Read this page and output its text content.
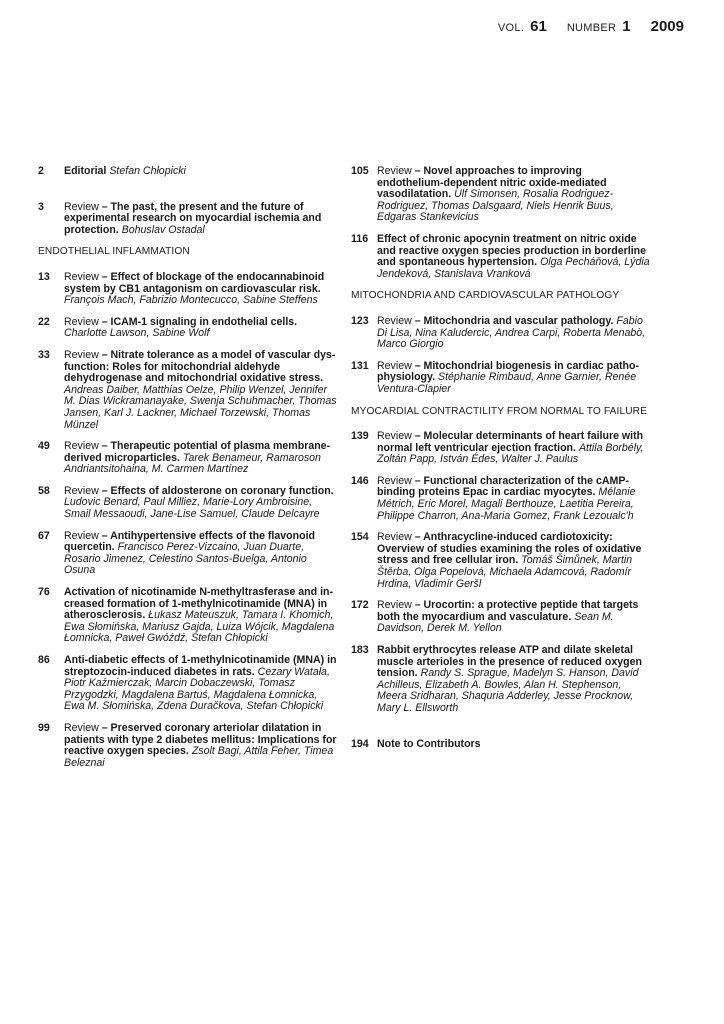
VOL. 61 NUMBER 1 2009
2 Editorial Stefan Chłopicki
3 Review – The past, the present and the future of experimental research on myocardial ischemia and protection. Bohuslav Ostadal
ENDOTHELIAL INFLAMMATION
13 Review – Effect of blockage of the endocannabinoid system by CB1 antagonism on cardiovascular risk. François Mach, Fabrizio Montecucco, Sabine Steffens
22 Review – ICAM-1 signaling in endothelial cells. Charlotte Lawson, Sabine Wolf
33 Review – Nitrate tolerance as a model of vascular dysfunction: Roles for mitochondrial aldehyde dehydrogenase and mitochondrial oxidative stress. Andreas Daiber, Matthias Oelze, Philip Wenzel, Jennifer M. Dias Wickramanayake, Swenja Schuhmacher, Thomas Jansen, Karl J. Lackner, Michael Torzewski, Thomas Münzel
49 Review – Therapeutic potential of plasma membrane-derived microparticles. Tarek Benameur, Ramaroson Andriantsitohaina, M. Carmen Martínez
58 Review – Effects of aldosterone on coronary function. Ludovic Benard, Paul Milliez, Marie-Lory Ambroisine, Smail Messaoudi, Jane-Lise Samuel, Claude Delcayre
67 Review – Antihypertensive effects of the flavonoid quercetin. Francisco Perez-Vizcaino, Juan Duarte, Rosario Jimenez, Celestino Santos-Buelga, Antonio Osuna
76 Activation of nicotinamide N-methyltrasferase and increased formation of 1-methylnicotinamide (MNA) in atherosclerosis. Łukasz Mateuszuk, Tamara I. Khomich, Ewa Słomińska, Mariusz Gajda, Luiza Wójcik, Magdalena Łomnicka, Paweł Gwóźdź, Stefan Chłopicki
86 Anti-diabetic effects of 1-methylnicotinamide (MNA) in streptozocin-induced diabetes in rats. Cezary Watała, Piotr Kaźmierczak, Marcin Dobaczewski, Tomasz Przygodzki, Magdalena Bartuś, Magdalena Łomnicka, Ewa M. Słomińska, Zdena Duračkova, Stefan Chłopicki
99 Review – Preserved coronary arteriolar dilatation in patients with type 2 diabetes mellitus: Implications for reactive oxygen species. Zsolt Bagi, Attila Feher, Timea Beleznai
105 Review – Novel approaches to improving endothelium-dependent nitric oxide-mediated vasodilatation. Ulf Simonsen, Rosalia Rodriguez-Rodriguez, Thomas Dalsgaard, Niels Henrik Buus, Edgaras Stankevicius
116 Effect of chronic apocynin treatment on nitric oxide and reactive oxygen species production in borderline and spontaneous hypertension. Olga Pecháňová, Lýdia Jendeková, Stanislava Vranková
MITOCHONDRIA AND CARDIOVASCULAR PATHOLOGY
123 Review – Mitochondria and vascular pathology. Fabio Di Lisa, Nina Kaludercic, Andrea Carpi, Roberta Menabò, Marco Giorgio
131 Review – Mitochondrial biogenesis in cardiac pathophysiology. Stéphanie Rimbaud, Anne Garnier, Renée Ventura-Clapier
MYOCARDIAL CONTRACTILITY FROM NORMAL TO FAILURE
139 Review – Molecular determinants of heart failure with normal left ventricular ejection fraction. Attila Borbély, Zoltán Papp, István Édes, Walter J. Paulus
146 Review – Functional characterization of the cAMP-binding proteins Epac in cardiac myocytes. Mélanie Métrich, Eric Morel, Magali Berthouze, Laetitia Pereira, Philippe Charron, Ana-Maria Gomez, Frank Lezoualc'h
154 Review – Anthracycline-induced cardiotoxicity: Overview of studies examining the roles of oxidative stress and free cellular iron. Tomáš Šimůnek, Martin Štěrba, Olga Popelová, Michaela Adamcová, Radomír Hrdina, Vladimír Geršl
172 Review – Urocortin: a protective peptide that targets both the myocardium and vasculature. Sean M. Davidson, Derek M. Yellon
183 Rabbit erythrocytes release ATP and dilate skeletal muscle arterioles in the presence of reduced oxygen tension. Randy S. Sprague, Madelyn S. Hanson, David Achilleus, Elizabeth A. Bowles, Alan H. Stephenson, Meera Sridharan, Shaquria Adderley, Jesse Procknow, Mary L. Ellsworth
194 Note to Contributors
